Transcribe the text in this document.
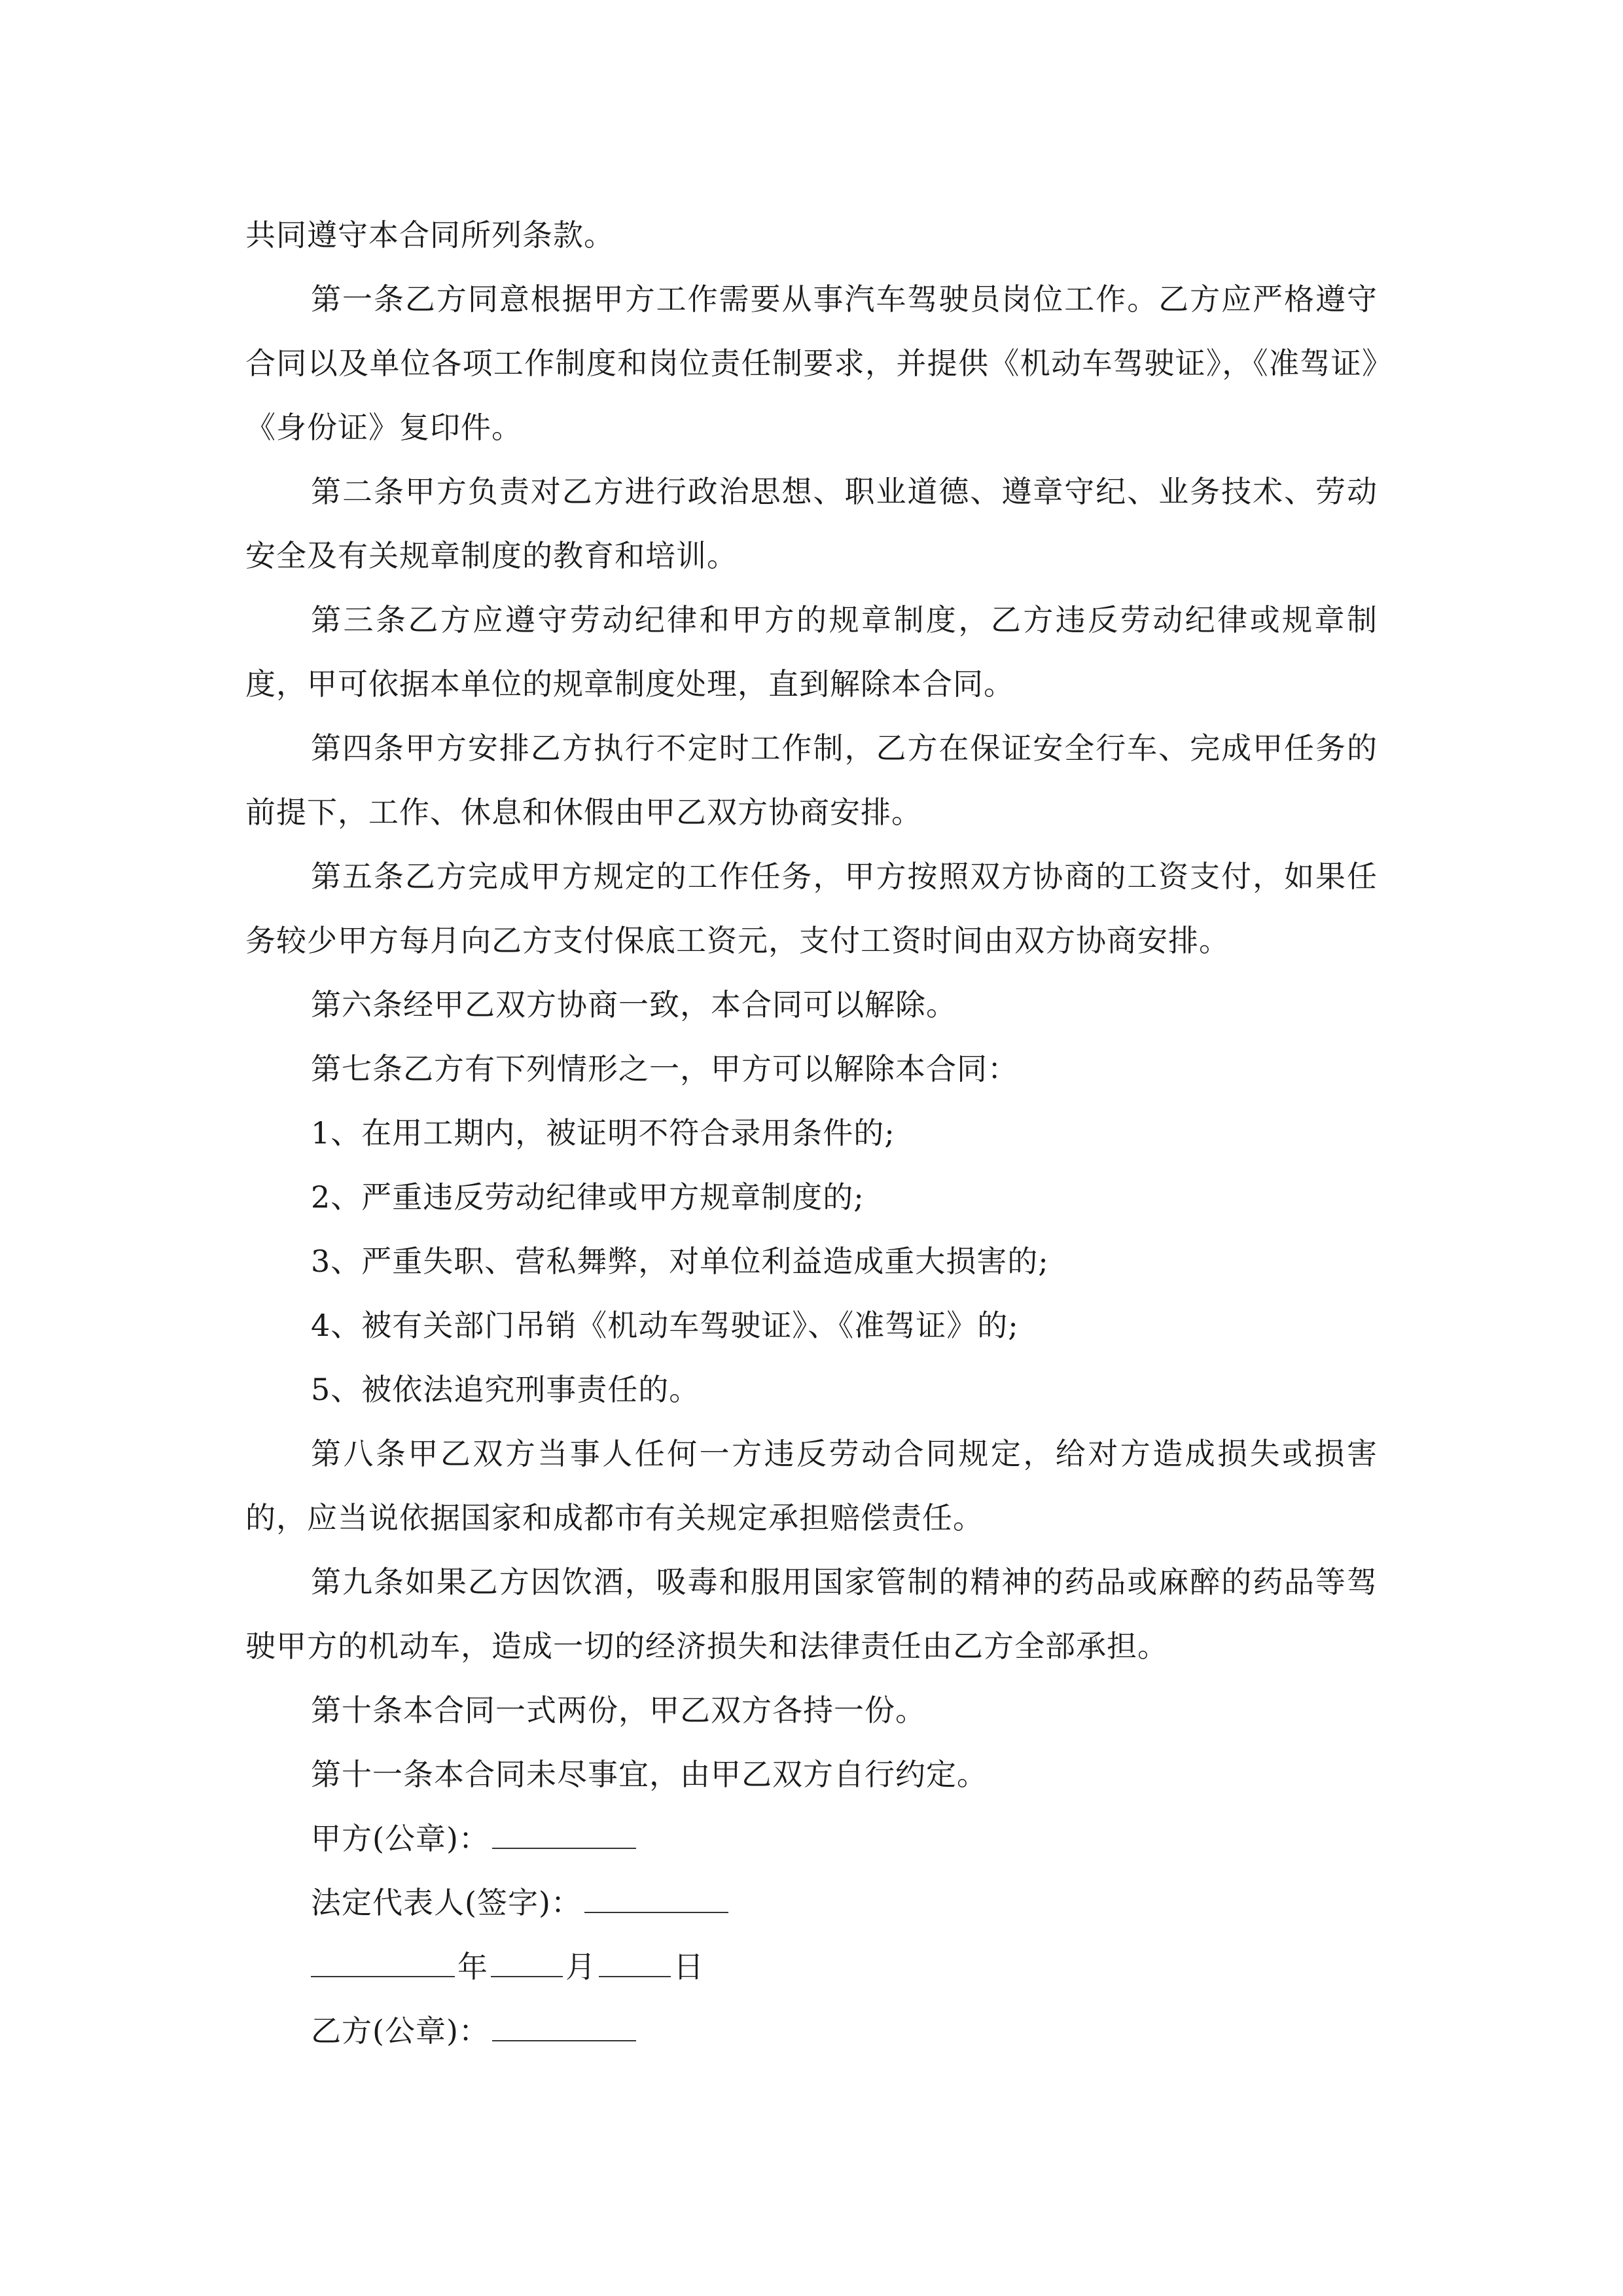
共同遵守本合同所列条款。

第一条乙方同意根据甲方工作需要从事汽车驾驶员岗位工作。乙方应严格遵守合同以及单位各项工作制度和岗位责任制要求，并提供《机动车驾驶证》，《准驾证》《身份证》复印件。

第二条甲方负责对乙方进行政治思想、职业道德、遵章守纪、业务技术、劳动安全及有关规章制度的教育和培训。

第三条乙方应遵守劳动纪律和甲方的规章制度，乙方违反劳动纪律或规章制度，甲可依据本单位的规章制度处理，直到解除本合同。

第四条甲方安排乙方执行不定时工作制，乙方在保证安全行车、完成甲任务的前提下，工作、休息和休假由甲乙双方协商安排。

第五条乙方完成甲方规定的工作任务，甲方按照双方协商的工资支付，如果任务较少甲方每月向乙方支付保底工资元，支付工资时间由双方协商安排。

第六条经甲乙双方协商一致，本合同可以解除。

第七条乙方有下列情形之一，甲方可以解除本合同：

1、在用工期内，被证明不符合录用条件的;

2、严重违反劳动纪律或甲方规章制度的;

3、严重失职、营私舞弊，对单位利益造成重大损害的;

4、被有关部门吊销《机动车驾驶证》、《准驾证》的;

5、被依法追究刑事责任的。

第八条甲乙双方当事人任何一方违反劳动合同规定，给对方造成损失或损害的，应当说依据国家和成都市有关规定承担赔偿责任。

第九条如果乙方因饮酒，吸毒和服用国家管制的精神的药品或麻醉的药品等驾驶甲方的机动车，造成一切的经济损失和法律责任由乙方全部承担。

第十条本合同一式两份，甲乙双方各持一份。

第十一条本合同未尽事宜，由甲乙双方自行约定。

甲方(公章)：
法定代表人(签字)：
年	月	日
乙方(公章)：
